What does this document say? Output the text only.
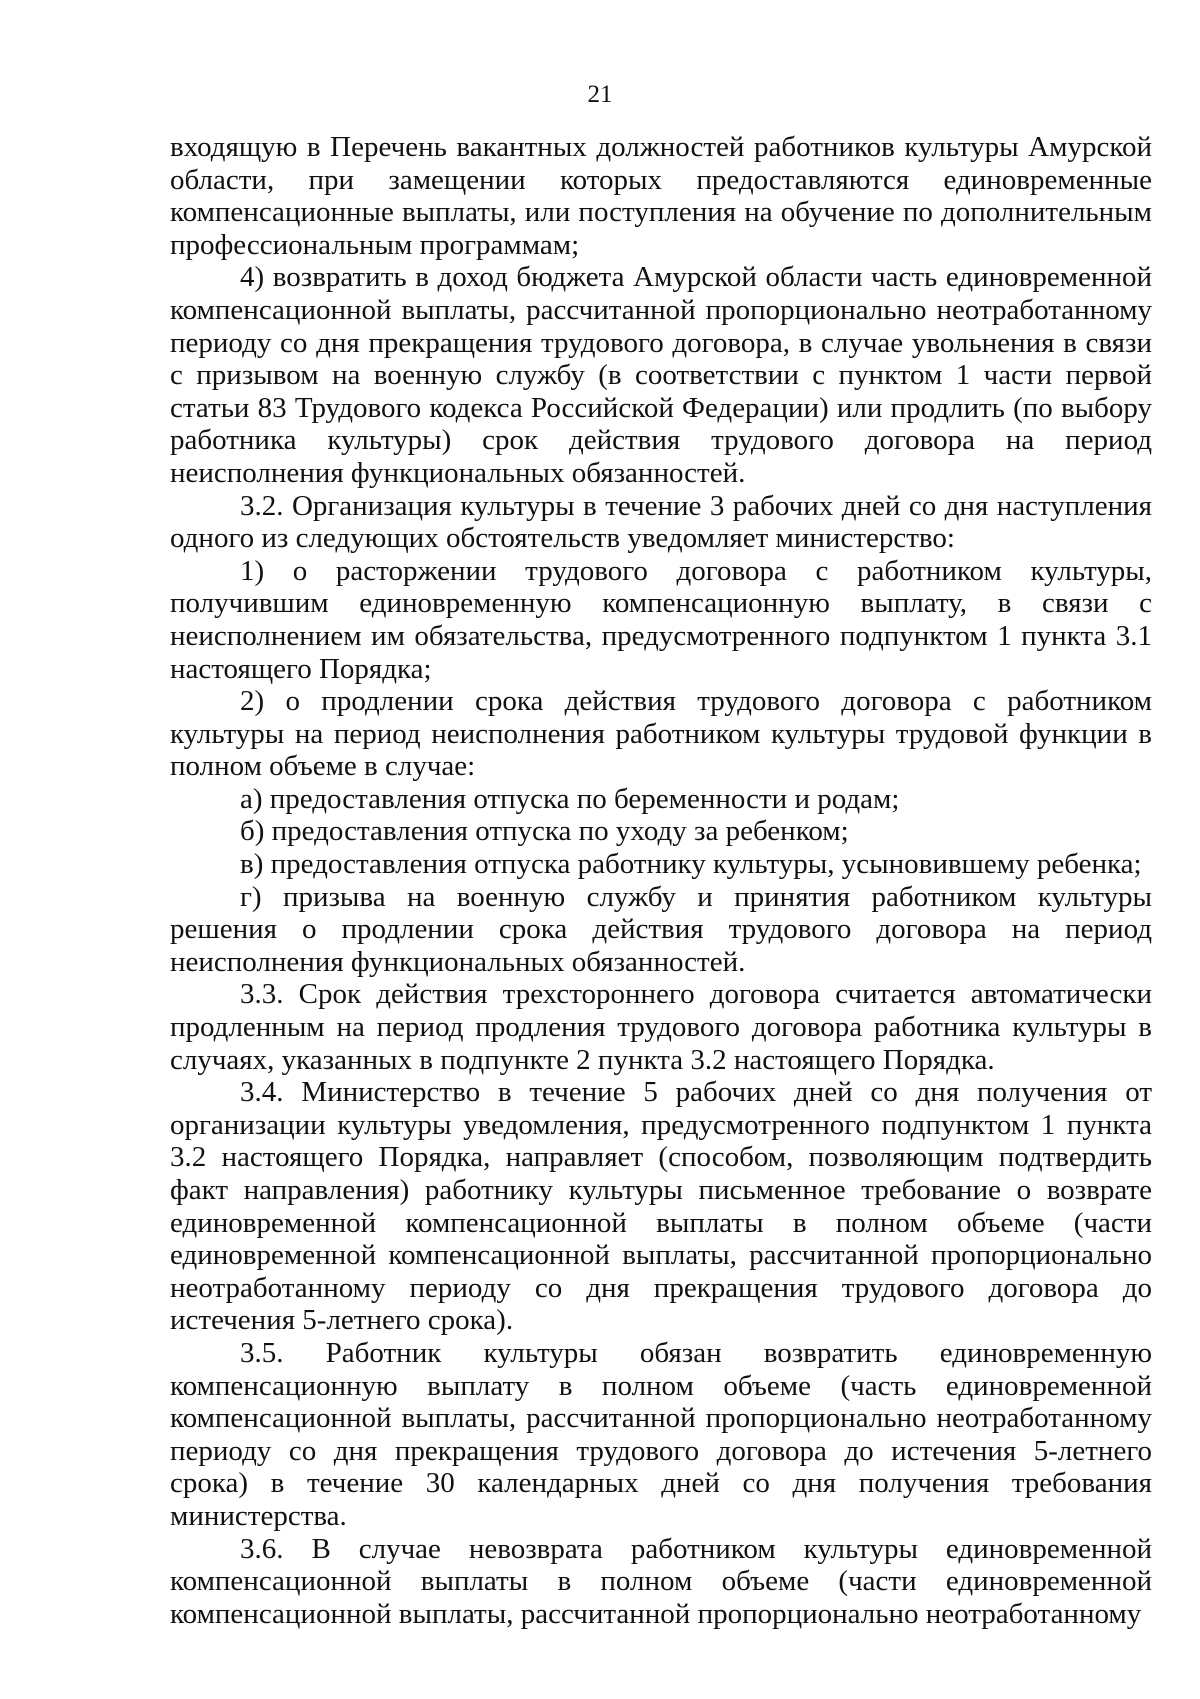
21

входящую в Перечень вакантных должностей работников культуры Амурской области, при замещении которых предоставляются единовременные компенсационные выплаты, или поступления на обучение по дополнительным профессиональным программам;

4) возвратить в доход бюджета Амурской области часть единовременной компенсационной выплаты, рассчитанной пропорционально неотработанному периоду со дня прекращения трудового договора, в случае увольнения в связи с призывом на военную службу (в соответствии с пунктом 1 части первой статьи 83 Трудового кодекса Российской Федерации) или продлить (по выбору работника культуры) срок действия трудового договора на период неисполнения функциональных обязанностей.

3.2. Организация культуры в течение 3 рабочих дней со дня наступления одного из следующих обстоятельств уведомляет министерство:

1) о расторжении трудового договора с работником культуры, получившим единовременную компенсационную выплату, в связи с неисполнением им обязательства, предусмотренного подпунктом 1 пункта 3.1 настоящего Порядка;

2) о продлении срока действия трудового договора с работником культуры на период неисполнения работником культуры трудовой функции в полном объеме в случае:

а) предоставления отпуска по беременности и родам;

б) предоставления отпуска по уходу за ребенком;

в) предоставления отпуска работнику культуры, усыновившему ребенка;

г) призыва на военную службу и принятия работником культуры решения о продлении срока действия трудового договора на период неисполнения функциональных обязанностей.

3.3. Срок действия трехстороннего договора считается автоматически продленным на период продления трудового договора работника культуры в случаях, указанных в подпункте 2 пункта 3.2 настоящего Порядка.

3.4. Министерство в течение 5 рабочих дней со дня получения от организации культуры уведомления, предусмотренного подпунктом 1 пункта 3.2 настоящего Порядка, направляет (способом, позволяющим подтвердить факт направления) работнику культуры письменное требование о возврате единовременной компенсационной выплаты в полном объеме (части единовременной компенсационной выплаты, рассчитанной пропорционально неотработанному периоду со дня прекращения трудового договора до истечения 5-летнего срока).

3.5. Работник культуры обязан возвратить единовременную компенсационную выплату в полном объеме (часть единовременной компенсационной выплаты, рассчитанной пропорционально неотработанному периоду со дня прекращения трудового договора до истечения 5-летнего срока) в течение 30 календарных дней со дня получения требования министерства.

3.6. В случае невозврата работником культуры единовременной компенсационной выплаты в полном объеме (части единовременной компенсационной выплаты, рассчитанной пропорционально неотработанному
